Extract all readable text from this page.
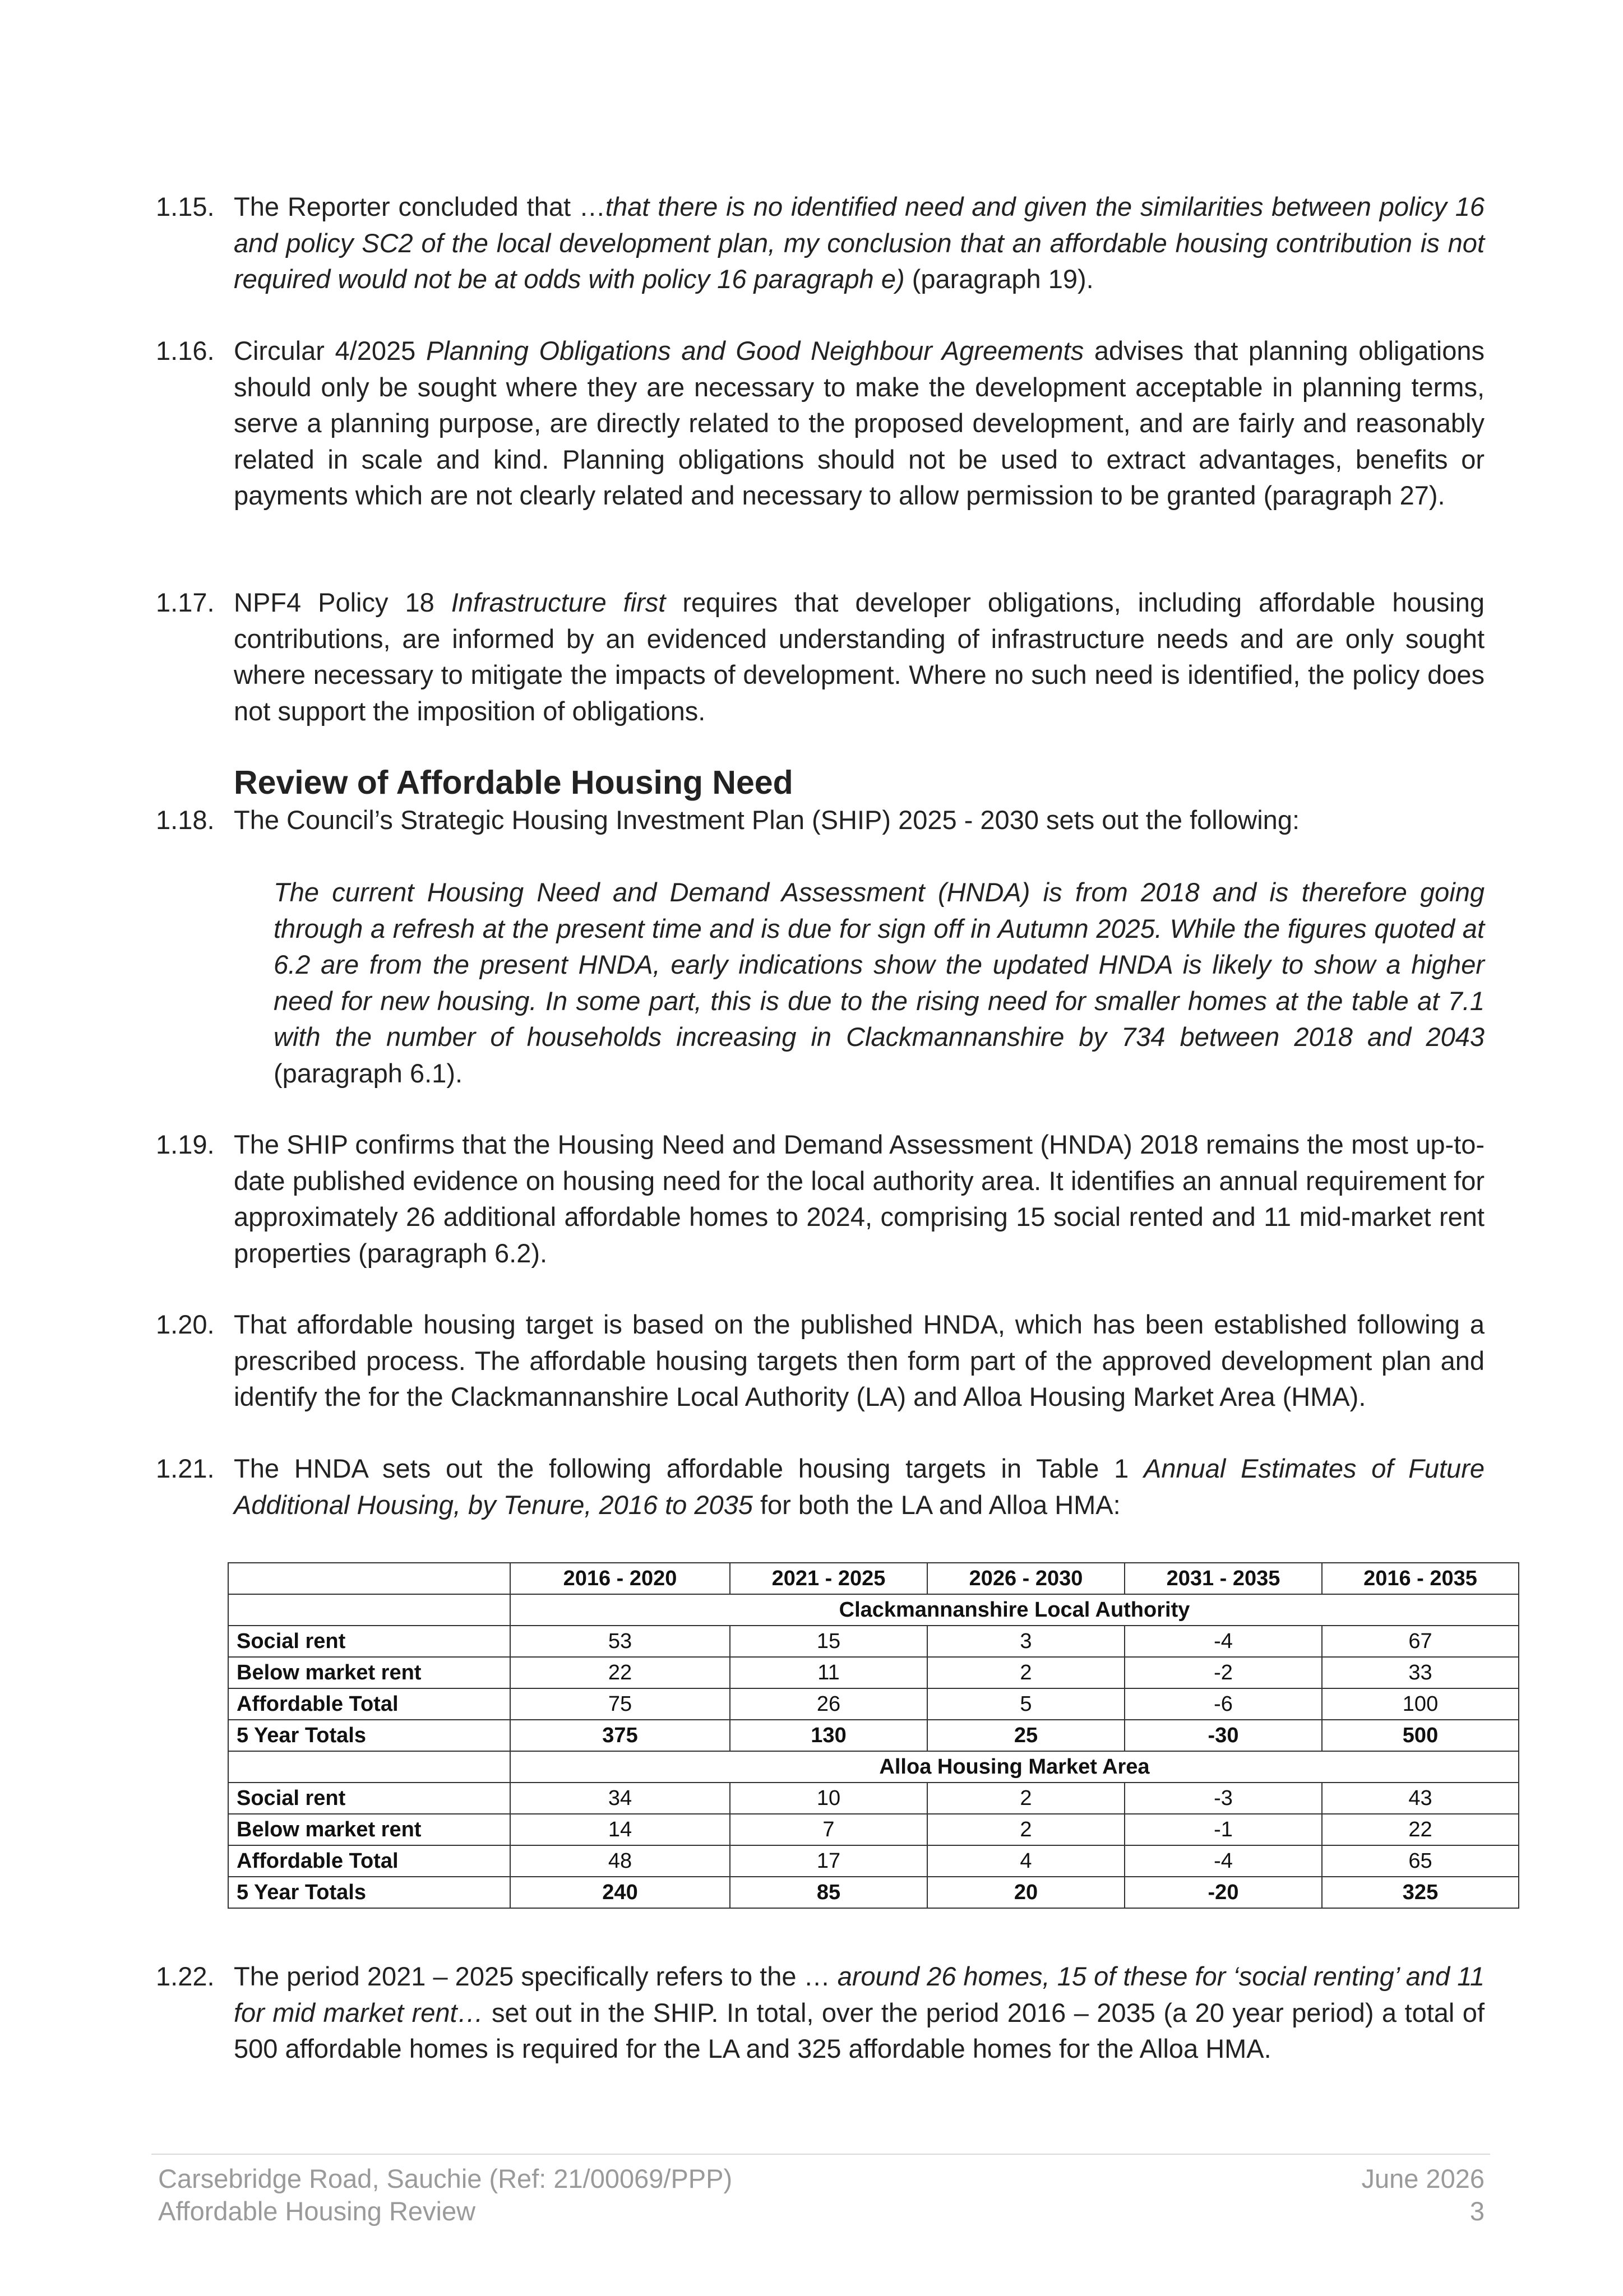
1.15. The Reporter concluded that …that there is no identified need and given the similarities between policy 16 and policy SC2 of the local development plan, my conclusion that an affordable housing contribution is not required would not be at odds with policy 16 paragraph e) (paragraph 19).
1.16. Circular 4/2025 Planning Obligations and Good Neighbour Agreements advises that planning obligations should only be sought where they are necessary to make the development acceptable in planning terms, serve a planning purpose, are directly related to the proposed development, and are fairly and reasonably related in scale and kind. Planning obligations should not be used to extract advantages, benefits or payments which are not clearly related and necessary to allow permission to be granted (paragraph 27).
1.17. NPF4 Policy 18 Infrastructure first requires that developer obligations, including affordable housing contributions, are informed by an evidenced understanding of infrastructure needs and are only sought where necessary to mitigate the impacts of development. Where no such need is identified, the policy does not support the imposition of obligations.
Review of Affordable Housing Need
1.18. The Council’s Strategic Housing Investment Plan (SHIP) 2025 - 2030 sets out the following:
The current Housing Need and Demand Assessment (HNDA) is from 2018 and is therefore going through a refresh at the present time and is due for sign off in Autumn 2025. While the figures quoted at 6.2 are from the present HNDA, early indications show the updated HNDA is likely to show a higher need for new housing. In some part, this is due to the rising need for smaller homes at the table at 7.1 with the number of households increasing in Clackmannanshire by 734 between 2018 and 2043 (paragraph 6.1).
1.19. The SHIP confirms that the Housing Need and Demand Assessment (HNDA) 2018 remains the most up-to-date published evidence on housing need for the local authority area. It identifies an annual requirement for approximately 26 additional affordable homes to 2024, comprising 15 social rented and 11 mid-market rent properties (paragraph 6.2).
1.20. That affordable housing target is based on the published HNDA, which has been established following a prescribed process. The affordable housing targets then form part of the approved development plan and identify the for the Clackmannanshire Local Authority (LA) and Alloa Housing Market Area (HMA).
1.21. The HNDA sets out the following affordable housing targets in Table 1 Annual Estimates of Future Additional Housing, by Tenure, 2016 to 2035 for both the LA and Alloa HMA:
	2016 - 2020	2021 - 2025	2026 - 2030	2031 - 2035	2016 - 2035
	Clackmannanshire Local Authority				
Social rent	53	15	3	-4	67
Below market rent	22	11	2	-2	33
Affordable Total	75	26	5	-6	100
5 Year Totals	375	130	25	-30	500
	Alloa Housing Market Area				
Social rent	34	10	2	-3	43
Below market rent	14	7	2	-1	22
Affordable Total	48	17	4	-4	65
5 Year Totals	240	85	20	-20	325
1.22. The period 2021 – 2025 specifically refers to the … around 26 homes, 15 of these for ‘social renting’ and 11 for mid market rent… set out in the SHIP. In total, over the period 2016 – 2035 (a 20 year period) a total of 500 affordable homes is required for the LA and 325 affordable homes for the Alloa HMA.
Carsebridge Road, Sauchie (Ref: 21/00069/PPP)
Affordable Housing Review
June 2026
3
